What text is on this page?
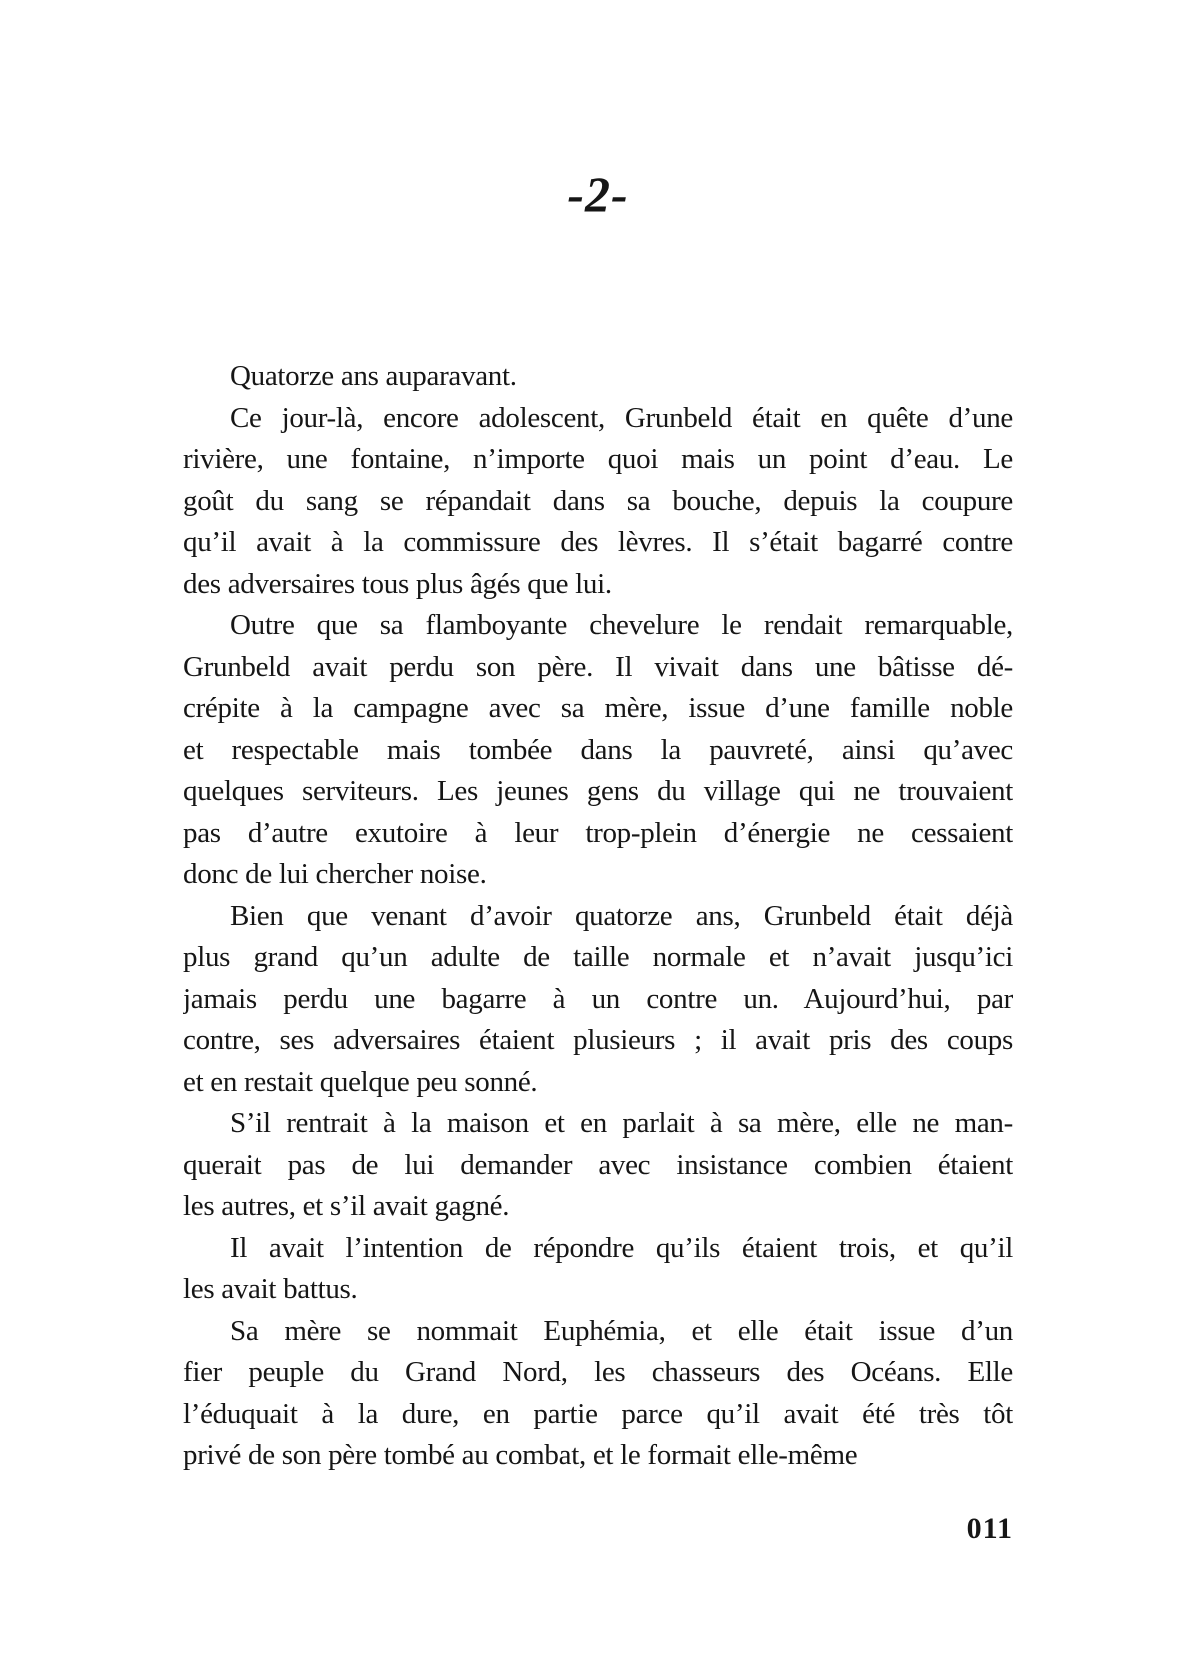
-2-
Quatorze ans auparavant.
Ce jour-là, encore adolescent, Grunbeld était en quête d’une
rivière, une fontaine, n’importe quoi mais un point d’eau. Le
goût du sang se répandait dans sa bouche, depuis la coupure
qu’il avait à la commissure des lèvres. Il s’était bagarré contre
des adversaires tous plus âgés que lui.
Outre que sa flamboyante chevelure le rendait remarquable,
Grunbeld avait perdu son père. Il vivait dans une bâtisse dé-
crépite à la campagne avec sa mère, issue d’une famille noble
et respectable mais tombée dans la pauvreté, ainsi qu’avec
quelques serviteurs. Les jeunes gens du village qui ne trouvaient
pas d’autre exutoire à leur trop-plein d’énergie ne cessaient
donc de lui chercher noise.
Bien que venant d’avoir quatorze ans, Grunbeld était déjà
plus grand qu’un adulte de taille normale et n’avait jusqu’ici
jamais perdu une bagarre à un contre un. Aujourd’hui, par
contre, ses adversaires étaient plusieurs ; il avait pris des coups
et en restait quelque peu sonné.
S’il rentrait à la maison et en parlait à sa mère, elle ne man-
querait pas de lui demander avec insistance combien étaient
les autres, et s’il avait gagné.
Il avait l’intention de répondre qu’ils étaient trois, et qu’il
les avait battus.
Sa mère se nommait Euphémia, et elle était issue d’un
fier peuple du Grand Nord, les chasseurs des Océans. Elle
l’éduquait à la dure, en partie parce qu’il avait été très tôt
privé de son père tombé au combat, et le formait elle-même
011
